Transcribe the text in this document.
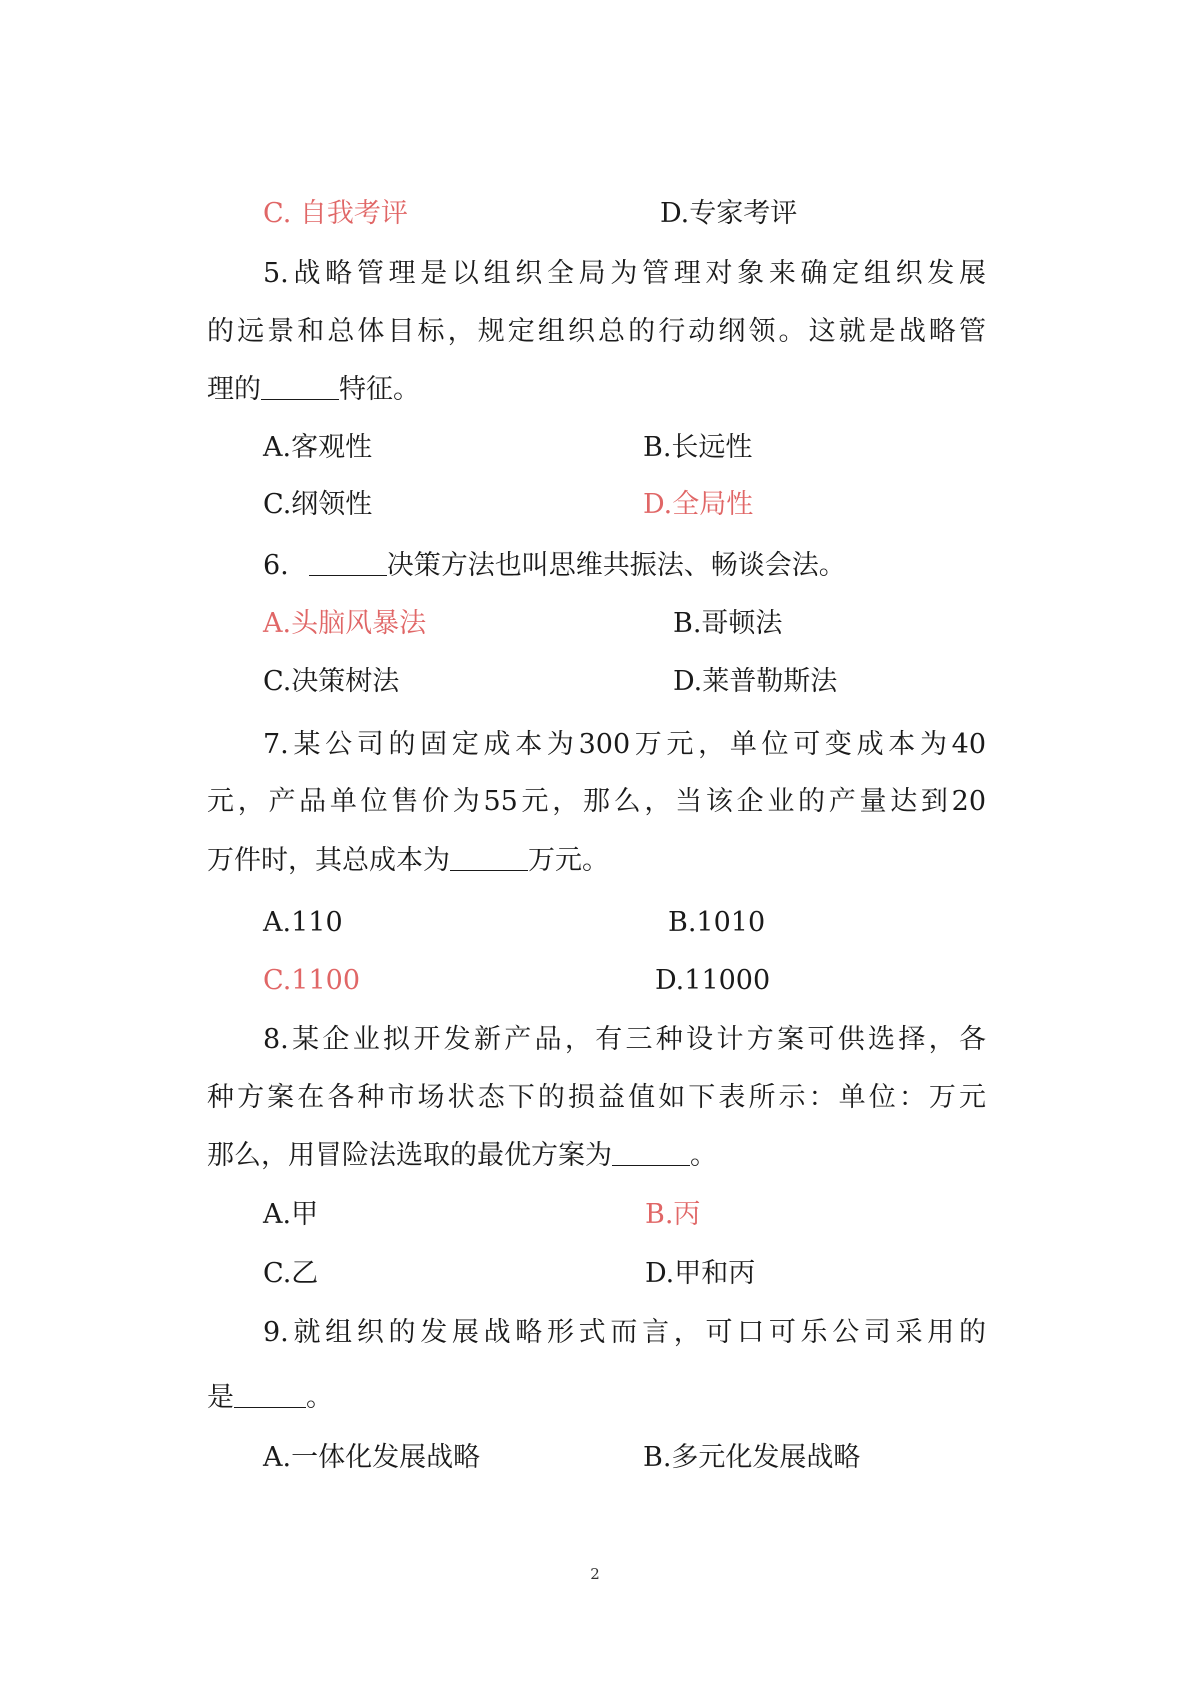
C. 自我考评	D.专家考评
5.战略管理是以组织全局为管理对象来确定组织发展
的远景和总体目标，规定组织总的行动纲领。这就是战略管
理的	特征。
A.客观性	B.长远性
C.纲领性	D.全局性
6.	决策方法也叫思维共振法、畅谈会法。
A.头脑风暴法	B.哥顿法
C.决策树法	D.莱普勒斯法
7.某公司的固定成本为300万元，单位可变成本为40
元，产品单位售价为55元，那么，当该企业的产量达到20
万件时，其总成本为	万元。
A.110	B.1010
C.1100	D.11000
8.某企业拟开发新产品，有三种设计方案可供选择，各
种方案在各种市场状态下的损益值如下表所示：单位：万元
那么，用冒险法选取的最优方案为	。
A.甲	B.丙
C.乙	D.甲和丙
9.就组织的发展战略形式而言，可口可乐公司采用的
是	。
A.一体化发展战略	B.多元化发展战略
2
